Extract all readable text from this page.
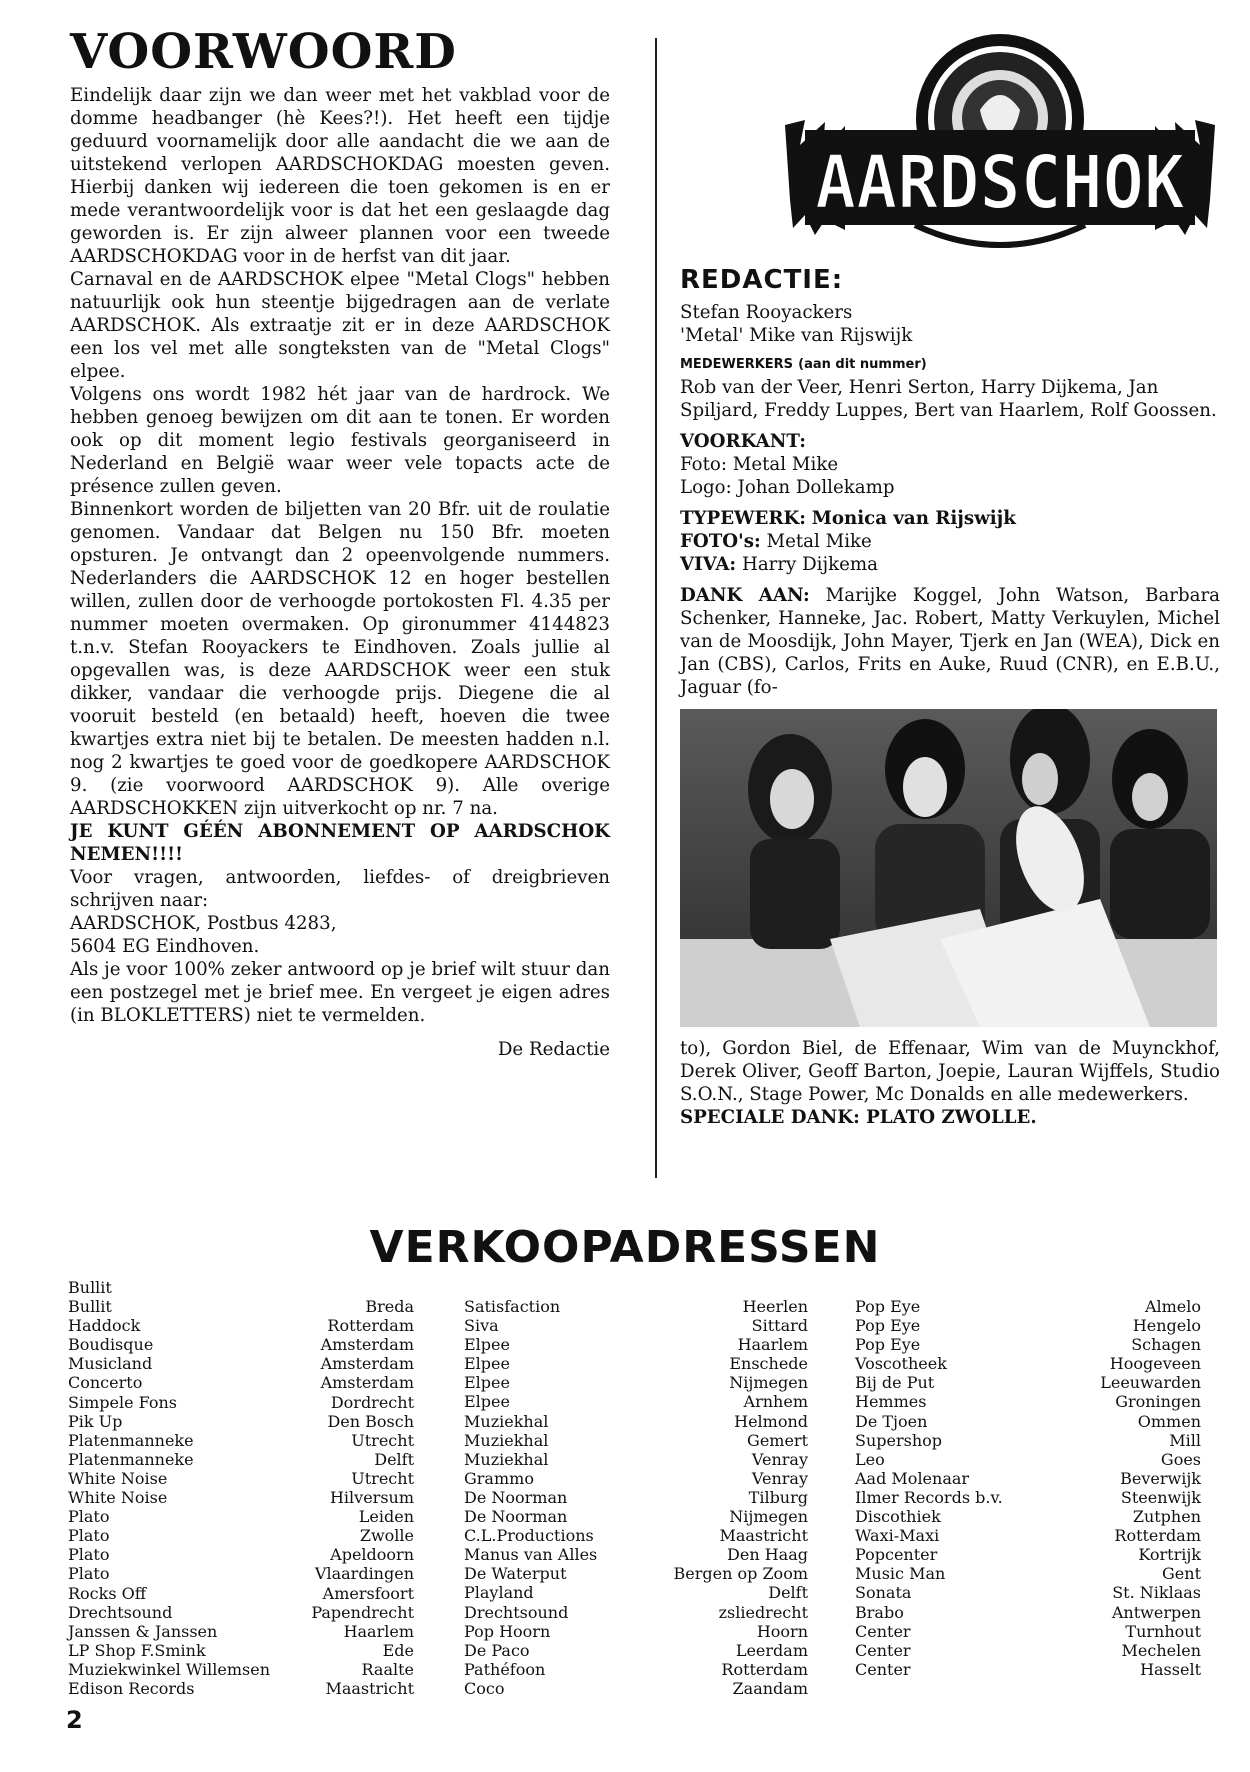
VOORWOORD
Eindelijk daar zijn we dan weer met het vakblad voor de domme headbanger (hè Kees?!). Het heeft een tijdje geduurd voornamelijk door alle aandacht die we aan de uitstekend verlopen AARDSCHOKDAG moesten geven. Hierbij danken wij iedereen die toen gekomen is en er mede verantwoordelijk voor is dat het een geslaagde dag geworden is. Er zijn alweer plannen voor een tweede AARDSCHOKDAG voor in de herfst van dit jaar.
Carnaval en de AARDSCHOK elpee "Metal Clogs" hebben natuurlijk ook hun steentje bijgedragen aan de verlate AARDSCHOK. Als extraatje zit er in deze AARDSCHOK een los vel met alle songteksten van de "Metal Clogs" elpee.
Volgens ons wordt 1982 hét jaar van de hardrock. We hebben genoeg bewijzen om dit aan te tonen. Er worden ook op dit moment legio festivals georganiseerd in Nederland en België waar weer vele topacts acte de présence zullen geven.
Binnenkort worden de biljetten van 20 Bfr. uit de roulatie genomen. Vandaar dat Belgen nu 150 Bfr. moeten opsturen. Je ontvangt dan 2 opeenvolgende nummers. Nederlanders die AARDSCHOK 12 en hoger bestellen willen, zullen door de verhoogde portokosten Fl. 4.35 per nummer moeten overmaken. Op gironummer 4144823 t.n.v. Stefan Rooyackers te Eindhoven. Zoals jullie al opgevallen was, is deze AARDSCHOK weer een stuk dikker, vandaar die verhoogde prijs. Diegene die al vooruit besteld (en betaald) heeft, hoeven die twee kwartjes extra niet bij te betalen. De meesten hadden n.l. nog 2 kwartjes te goed voor de goedkopere AARDSCHOK 9. (zie voorwoord AARDSCHOK 9). Alle overige AARDSCHOKKEN zijn uitverkocht op nr. 7 na.
JE KUNT GÉÉN ABONNEMENT OP AARDSCHOK NEMEN!!!!
Voor vragen, antwoorden, liefdes- of dreigbrieven schrijven naar:
AARDSCHOK, Postbus 4283,
5604 EG Eindhoven.
Als je voor 100% zeker antwoord op je brief wilt stuur dan een postzegel met je brief mee. En vergeet je eigen adres (in BLOKLETTERS) niet te vermelden.
De Redactie
AARDSCHOK
REDACTIE:
Stefan Rooyackers
'Metal' Mike van Rijswijk
MEDEWERKERS (aan dit nummer)
Rob van der Veer, Henri Serton, Harry Dijkema, Jan Spiljard, Freddy Luppes, Bert van Haarlem, Rolf Goossen.
VOORKANT:
Foto: Metal Mike
Logo: Johan Dollekamp
TYPEWERK: Monica van Rijswijk
FOTO's: Metal Mike
VIVA: Harry Dijkema
DANK AAN: Marijke Koggel, John Watson, Barbara Schenker, Hanneke, Jac. Robert, Matty Verkuylen, Michel van de Moosdijk, John Mayer, Tjerk en Jan (WEA), Dick en Jan (CBS), Carlos, Frits en Auke, Ruud (CNR), en E.B.U., Jaguar (fo-
to), Gordon Biel, de Effenaar, Wim van de Muynckhof, Derek Oliver, Geoff Barton, Joepie, Lauran Wijffels, Studio S.O.N., Stage Power, Mc Donalds en alle medewerkers.
SPECIALE DANK: PLATO ZWOLLE.
VERKOOPADRESSEN
Bullit
Bullit	Breda
Haddock	Rotterdam
Boudisque	Amsterdam
Musicland	Amsterdam
Concerto	Amsterdam
Simpele Fons	Dordrecht
Pik Up	Den Bosch
Platenmanneke	Utrecht
Platenmanneke	Delft
White Noise	Utrecht
White Noise	Hilversum
Plato	Leiden
Plato	Zwolle
Plato	Apeldoorn
Plato	Vlaardingen
Rocks Off	Amersfoort
Drechtsound	Papendrecht
Janssen & Janssen	Haarlem
LP Shop F.Smink	Ede
Muziekwinkel Willemsen	Raalte
Edison Records	Maastricht
Satisfaction	Heerlen
Siva	Sittard
Elpee	Haarlem
Elpee	Enschede
Elpee	Nijmegen
Elpee	Arnhem
Muziekhal	Helmond
Muziekhal	Gemert
Muziekhal	Venray
Grammo	Venray
De Noorman	Tilburg
De Noorman	Nijmegen
C.L.Productions	Maastricht
Manus van Alles	Den Haag
De Waterput	Bergen op Zoom
Playland	Delft
Drechtsound	zsliedrecht
Pop Hoorn	Hoorn
De Paco	Leerdam
Pathéfoon	Rotterdam
Coco	Zaandam
Pop Eye	Almelo
Pop Eye	Hengelo
Pop Eye	Schagen
Voscotheek	Hoogeveen
Bij de Put	Leeuwarden
Hemmes	Groningen
De Tjoen	Ommen
Supershop	Mill
Leo	Goes
Aad Molenaar	Beverwijk
Ilmer Records b.v.	Steenwijk
Discothiek	Zutphen
Waxi-Maxi	Rotterdam
Popcenter	Kortrijk
Music Man	Gent
Sonata	St. Niklaas
Brabo	Antwerpen
Center	Turnhout
Center	Mechelen
Center	Hasselt
2
